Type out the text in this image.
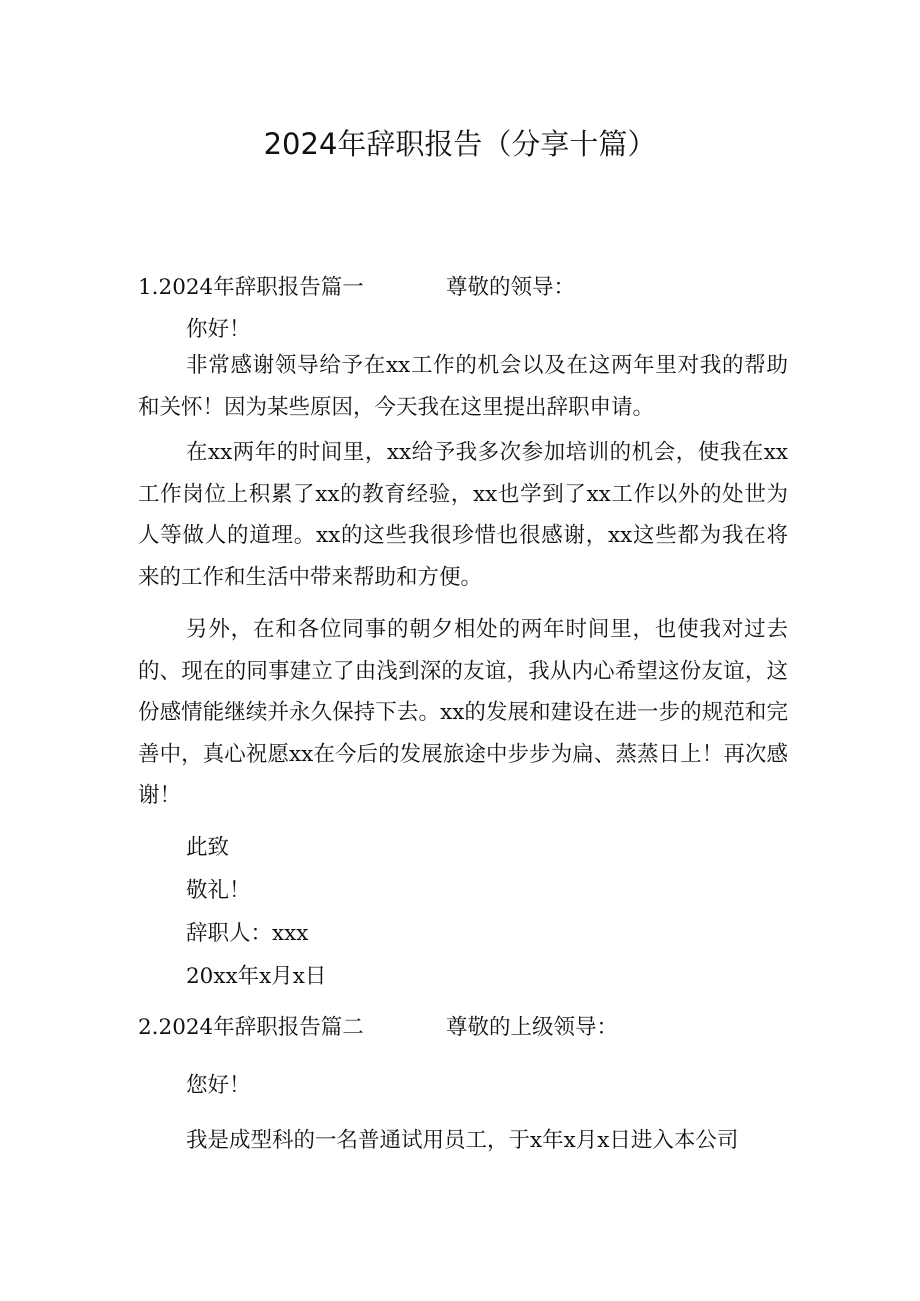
2024年辞职报告（分享十篇）
1.2024年辞职报告篇一	尊敬的领导：
你好！

非常感谢领导给予在xx工作的机会以及在这两年里对我的帮助和关怀！因为某些原因，今天我在这里提出辞职申请。

在xx两年的时间里，xx给予我多次参加培训的机会，使我在xx工作岗位上积累了xx的教育经验，xx也学到了xx工作以外的处世为人等做人的道理。xx的这些我很珍惜也很感谢，xx这些都为我在将来的工作和生活中带来帮助和方便。

另外，在和各位同事的朝夕相处的两年时间里，也使我对过去的、现在的同事建立了由浅到深的友谊，我从内心希望这份友谊，这份感情能继续并永久保持下去。xx的发展和建设在进一步的规范和完善中，真心祝愿xx在今后的发展旅途中步步为扁、蒸蒸日上！再次感谢！

此致
敬礼！
辞职人：xxx
20xx年x月x日
2.2024年辞职报告篇二	尊敬的上级领导：
您好！
我是成型科的一名普通试用员工，于x年x月x日进入本公司
